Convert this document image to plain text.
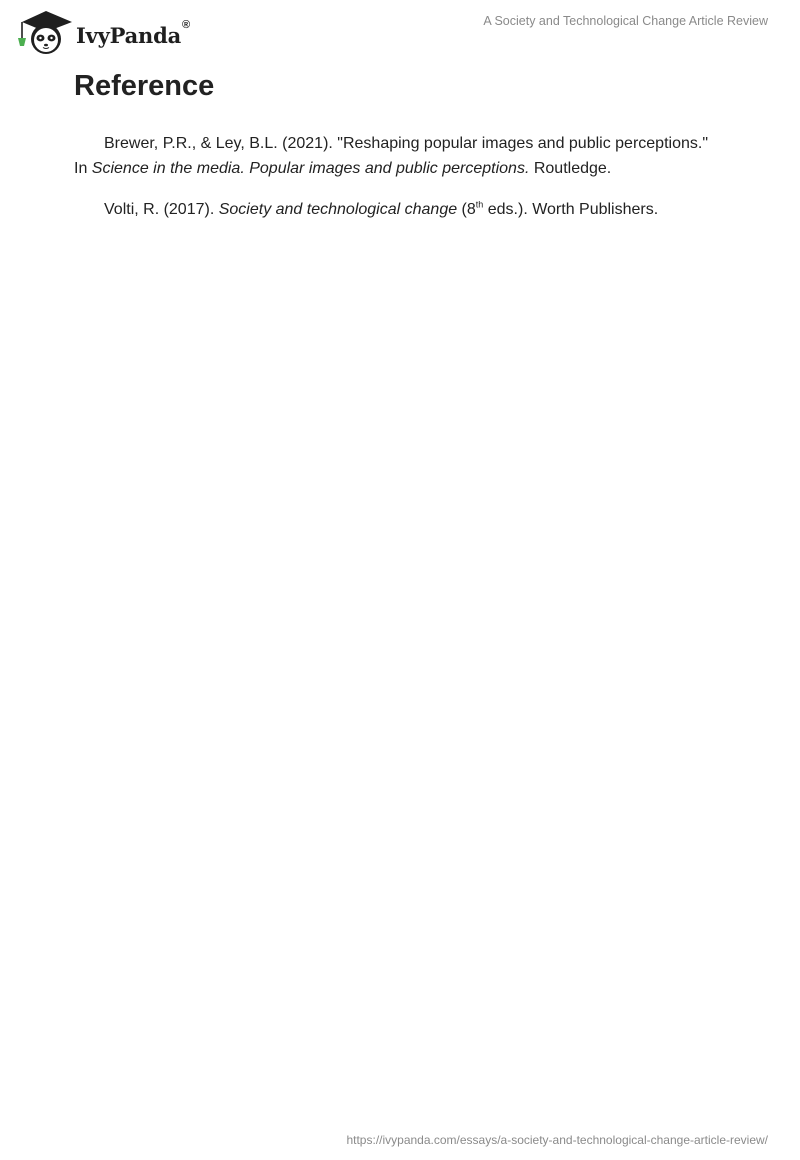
IvyPanda®	A Society and Technological Change Article Review
Reference

Brewer, P.R., & Ley, B.L. (2021). "Reshaping popular images and public perceptions." In Science in the media. Popular images and public perceptions. Routledge.

Volti, R. (2017). Society and technological change (8th eds.). Worth Publishers.

https://ivypanda.com/essays/a-society-and-technological-change-article-review/
